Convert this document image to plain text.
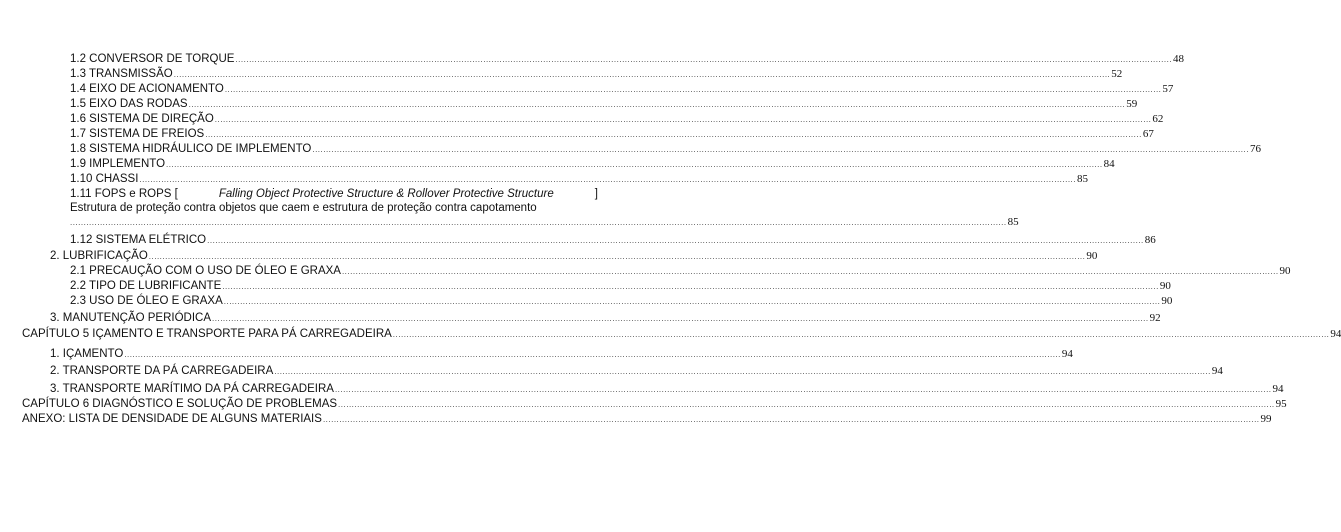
1.2 CONVERSOR DE TORQUE ........................................................................................................................................................................................................................................................................................................................................................ 48
1.3 TRANSMISSÃO ........................................................................................................................................................................................................................................................................................................................................................ 52
1.4 EIXO DE ACIONAMENTO ........................................................................................................................................................................................................................................................................................................................................................ 57
1.5 EIXO DAS RODAS ........................................................................................................................................................................................................................................................................................................................................................ 59
1.6 SISTEMA DE DIREÇÃO ........................................................................................................................................................................................................................................................................................................................................................ 62
1.7 SISTEMA DE FREIOS ........................................................................................................................................................................................................................................................................................................................................................ 67
1.8 SISTEMA HIDRÁULICO DE IMPLEMENTO ........................................................................................................................................................................................................................................................................................................................................................ 76
1.9 IMPLEMENTO ........................................................................................................................................................................................................................................................................................................................................................ 84
1.10 CHASSI ........................................................................................................................................................................................................................................................................................................................................................ 85
1.11 FOPS e ROPS [	Falling Object Protective Structure & Rollover Protective Structure	]
Estrutura de proteção contra objetos que caem e estrutura de proteção contra capotamento
........................................................................................................................................................................................................................................................................................................................................................ 85
1.12 SISTEMA ELÉTRICO ........................................................................................................................................................................................................................................................................................................................................................ 86
2. LUBRIFICAÇÃO ........................................................................................................................................................................................................................................................................................................................................................ 90
2.1 PRECAUÇÃO COM O USO DE ÓLEO E GRAXA ........................................................................................................................................................................................................................................................................................................................................................ 90
2.2 TIPO DE LUBRIFICANTE ........................................................................................................................................................................................................................................................................................................................................................ 90
2.3 USO DE ÓLEO E GRAXA ........................................................................................................................................................................................................................................................................................................................................................ 90
3. MANUTENÇÃO PERIÓDICA ........................................................................................................................................................................................................................................................................................................................................................ 92
CAPÍTULO 5 IÇAMENTO E TRANSPORTE PARA PÁ CARREGADEIRA ........................................................................................................................................................................................................................................................................................................................................................ 94
1. IÇAMENTO ........................................................................................................................................................................................................................................................................................................................................................ 94
2. TRANSPORTE DA PÁ CARREGADEIRA ........................................................................................................................................................................................................................................................................................................................................................ 94
3. TRANSPORTE MARÍTIMO DA PÁ CARREGADEIRA ........................................................................................................................................................................................................................................................................................................................................................ 94
CAPÍTULO 6 DIAGNÓSTICO E SOLUÇÃO DE PROBLEMAS ........................................................................................................................................................................................................................................................................................................................................................ 95
ANEXO: LISTA DE DENSIDADE DE ALGUNS MATERIAIS ........................................................................................................................................................................................................................................................................................................................................................ 99
